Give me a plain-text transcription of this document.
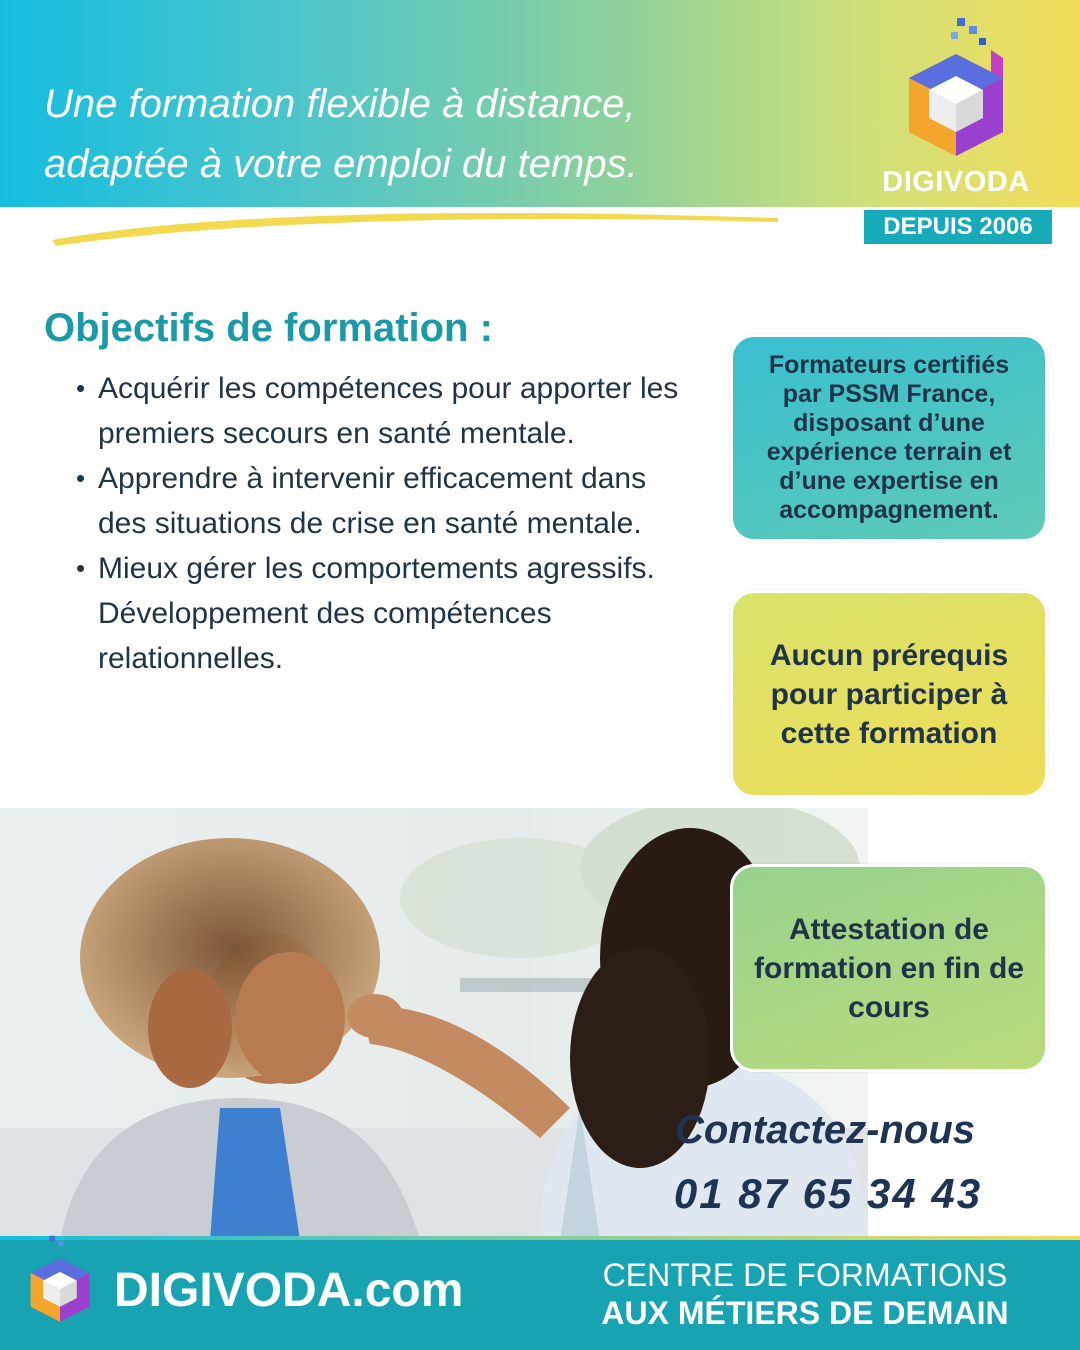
Une formation flexible à distance,
adaptée à votre emploi du temps.	DIGIVODA
DEPUIS 2006
Objectifs de formation :
• Acquérir les compétences pour apporter les premiers secours en santé mentale.
• Apprendre à intervenir efficacement dans des situations de crise en santé mentale.
• Mieux gérer les comportements agressifs.
Développement des compétences relationnelles.
Formateurs certifiés par PSSM France, disposant d’une expérience terrain et d’une expertise en accompagnement.
Aucun prérequis pour participer à cette formation
Attestation de formation en fin de cours
Contactez-nous
01 87 65 34 43
DIGIVODA.com	CENTRE DE FORMATIONS
AUX MÉTIERS DE DEMAIN
